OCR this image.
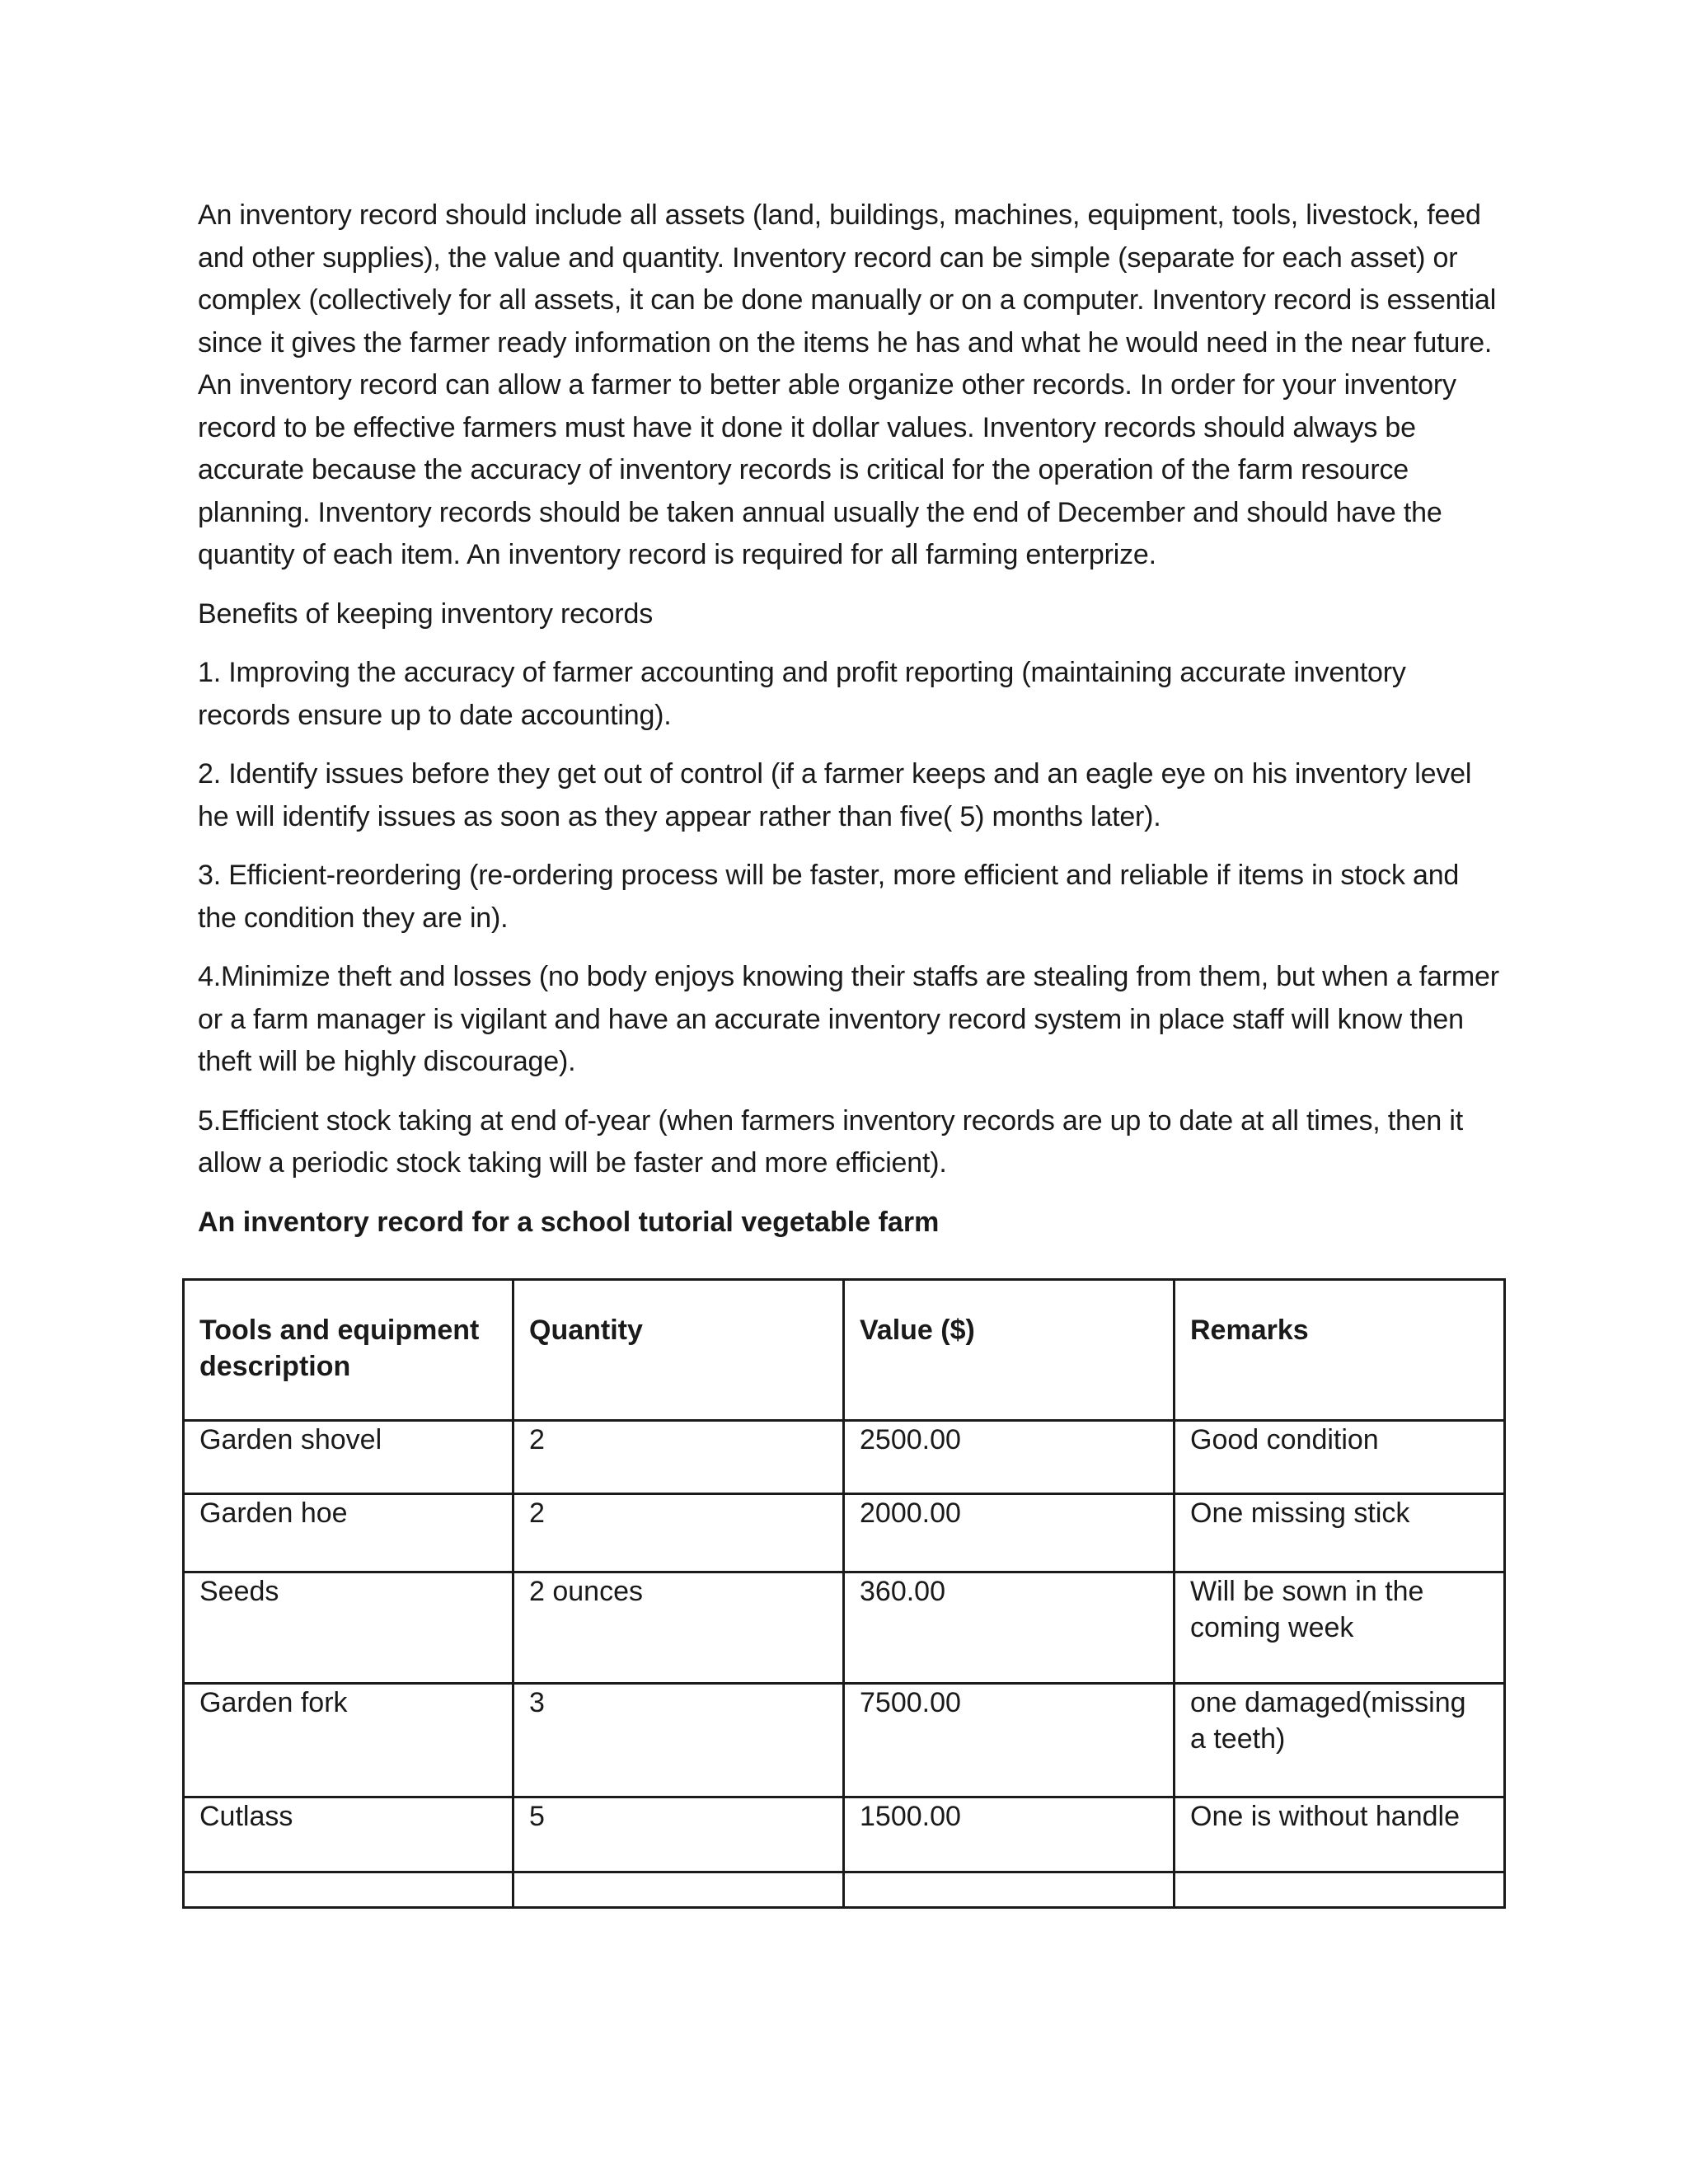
An inventory record should include all assets (land, buildings, machines, equipment, tools, livestock, feed and other supplies), the value and quantity. Inventory record can be simple (separate for each asset) or complex (collectively for all assets, it can be done manually or on a computer. Inventory record is essential since it gives the farmer ready information on the items he has and what he would need in the near future. An inventory record can allow a farmer to better able organize other records. In order for your inventory record to be effective farmers must have it done it dollar values. Inventory records should always be accurate because the accuracy of inventory records is critical for the operation of the farm resource planning. Inventory records should be taken annual usually the end of December and should have the quantity of each item. An inventory record is required for all farming enterprize.

Benefits of keeping inventory records

1. Improving the accuracy of farmer accounting and profit reporting (maintaining accurate inventory records ensure up to date accounting).

2. Identify issues before they get out of control (if a farmer keeps and an eagle eye on his inventory level he will identify issues as soon as they appear rather than five( 5) months later).

3. Efficient-reordering (re-ordering process will be faster, more efficient and reliable if items in stock and the condition they are in).

4.Minimize theft and losses (no body enjoys knowing their staffs are stealing from them, but when a farmer or a farm manager is vigilant and have an accurate inventory record system in place staff will know then theft will be highly discourage).

5.Efficient stock taking at end of-year (when farmers inventory records are up to date at all times, then it allow a periodic stock taking will be faster and more efficient).

An inventory record for a school tutorial vegetable farm

Tools and equipment description	Quantity	Value ($)	Remarks
Garden shovel	2	2500.00	Good condition
Garden hoe	2	2000.00	One missing stick
Seeds	2 ounces	360.00	Will be sown in the coming week
Garden fork	3	7500.00	one damaged(missing a teeth)
Cutlass	5	1500.00	One is without handle
